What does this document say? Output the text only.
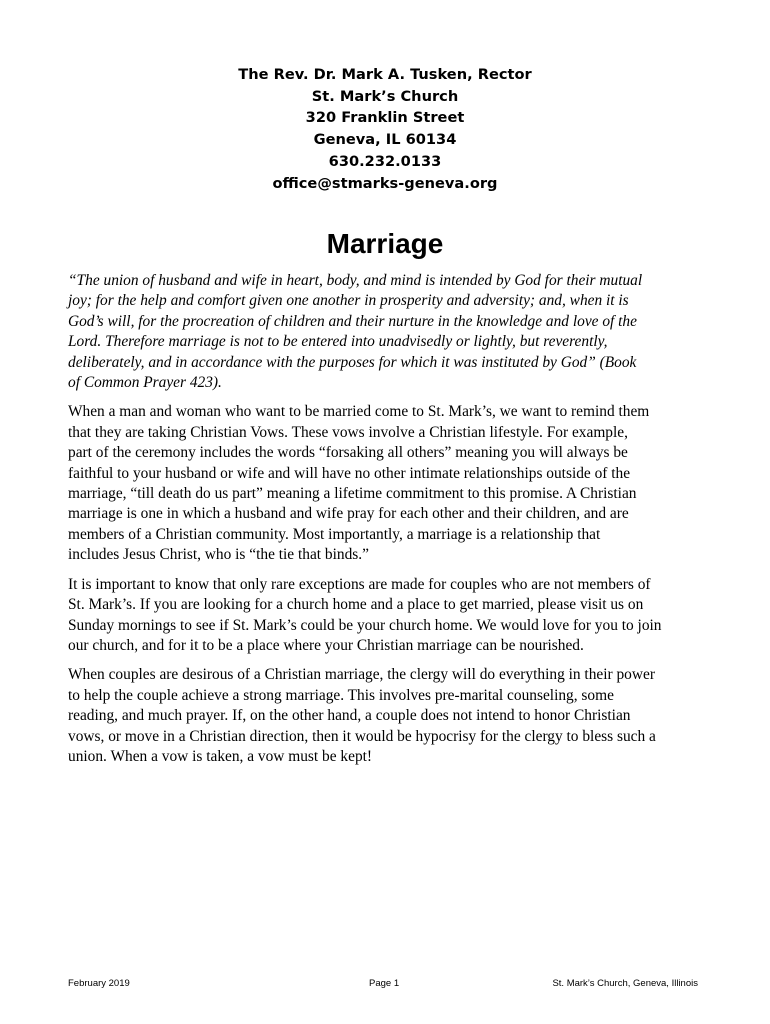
The Rev. Dr. Mark A. Tusken, Rector
St. Mark’s Church
320 Franklin Street
Geneva, IL 60134
630.232.0133
office@stmarks-geneva.org
Marriage

“The union of husband and wife in heart, body, and mind is intended by God for their mutual
joy; for the help and comfort given one another in prosperity and adversity; and, when it is
God’s will, for the procreation of children and their nurture in the knowledge and love of the
Lord. Therefore marriage is not to be entered into unadvisedly or lightly, but reverently,
deliberately, and in accordance with the purposes for which it was instituted by God” (Book
of Common Prayer 423).

When a man and woman who want to be married come to St. Mark’s, we want to remind them
that they are taking Christian Vows. These vows involve a Christian lifestyle. For example,
part of the ceremony includes the words “forsaking all others” meaning you will always be
faithful to your husband or wife and will have no other intimate relationships outside of the
marriage, “till death do us part” meaning a lifetime commitment to this promise. A Christian
marriage is one in which a husband and wife pray for each other and their children, and are
members of a Christian community. Most importantly, a marriage is a relationship that
includes Jesus Christ, who is “the tie that binds.”

It is important to know that only rare exceptions are made for couples who are not members of
St. Mark’s. If you are looking for a church home and a place to get married, please visit us on
Sunday mornings to see if St. Mark’s could be your church home. We would love for you to join
our church, and for it to be a place where your Christian marriage can be nourished.

When couples are desirous of a Christian marriage, the clergy will do everything in their power
to help the couple achieve a strong marriage. This involves pre-marital counseling, some
reading, and much prayer. If, on the other hand, a couple does not intend to honor Christian
vows, or move in a Christian direction, then it would be hypocrisy for the clergy to bless such a
union. When a vow is taken, a vow must be kept!

February 2019	Page 1	St. Mark’s Church, Geneva, Illinois
